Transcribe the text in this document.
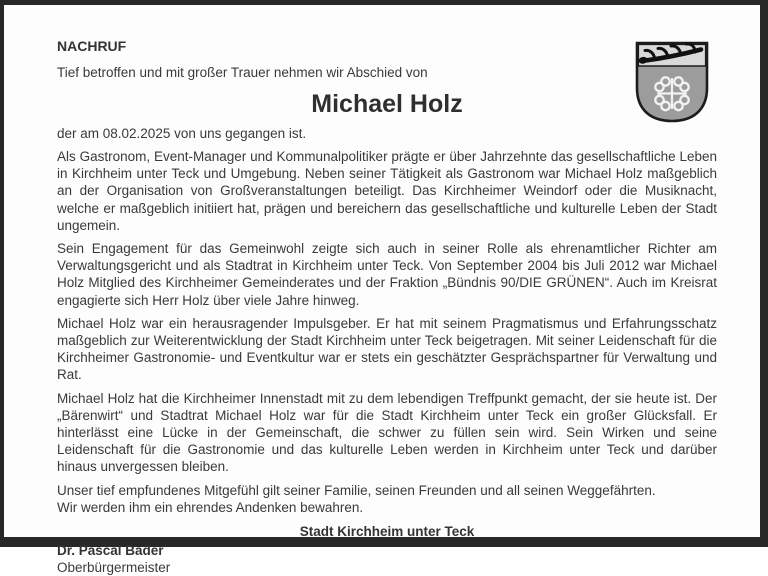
NACHRUF

Tief betroffen und mit großer Trauer nehmen wir Abschied von

Michael Holz

der am 08.02.2025 von uns gegangen ist.

Als Gastronom, Event-Manager und Kommunalpolitiker prägte er über Jahrzehnte das gesellschaftliche Leben in Kirchheim unter Teck und Umgebung. Neben seiner Tätigkeit als Gastronom war Michael Holz maßgeblich an der Organisation von Großveranstaltungen beteiligt. Das Kirchheimer Weindorf oder die Musiknacht, welche er maßgeblich initiiert hat, prägen und bereichern das gesellschaftliche und kulturelle Leben der Stadt ungemein.

Sein Engagement für das Gemeinwohl zeigte sich auch in seiner Rolle als ehrenamtlicher Richter am Verwaltungsgericht und als Stadtrat in Kirchheim unter Teck. Von September 2004 bis Juli 2012 war Michael Holz Mitglied des Kirchheimer Gemeinderates und der Fraktion „Bündnis 90/DIE GRÜNEN“. Auch im Kreisrat engagierte sich Herr Holz über viele Jahre hinweg.

Michael Holz war ein herausragender Impulsgeber. Er hat mit seinem Pragmatismus und Erfahrungsschatz maßgeblich zur Weiterentwicklung der Stadt Kirchheim unter Teck beigetragen. Mit seiner Leidenschaft für die Kirchheimer Gastronomie- und Eventkultur war er stets ein geschätzter Gesprächspartner für Verwaltung und Rat.

Michael Holz hat die Kirchheimer Innenstadt mit zu dem lebendigen Treffpunkt gemacht, der sie heute ist. Der „Bärenwirt“ und Stadtrat Michael Holz war für die Stadt Kirchheim unter Teck ein großer Glücksfall. Er hinterlässt eine Lücke in der Gemeinschaft, die schwer zu füllen sein wird. Sein Wirken und seine Leidenschaft für die Gastronomie und das kulturelle Leben werden in Kirchheim unter Teck und darüber hinaus unvergessen bleiben.

Unser tief empfundenes Mitgefühl gilt seiner Familie, seinen Freunden und all seinen Weggefährten.

Wir werden ihm ein ehrendes Andenken bewahren.

Stadt Kirchheim unter Teck

Dr. Pascal Bader

Oberbürgermeister
